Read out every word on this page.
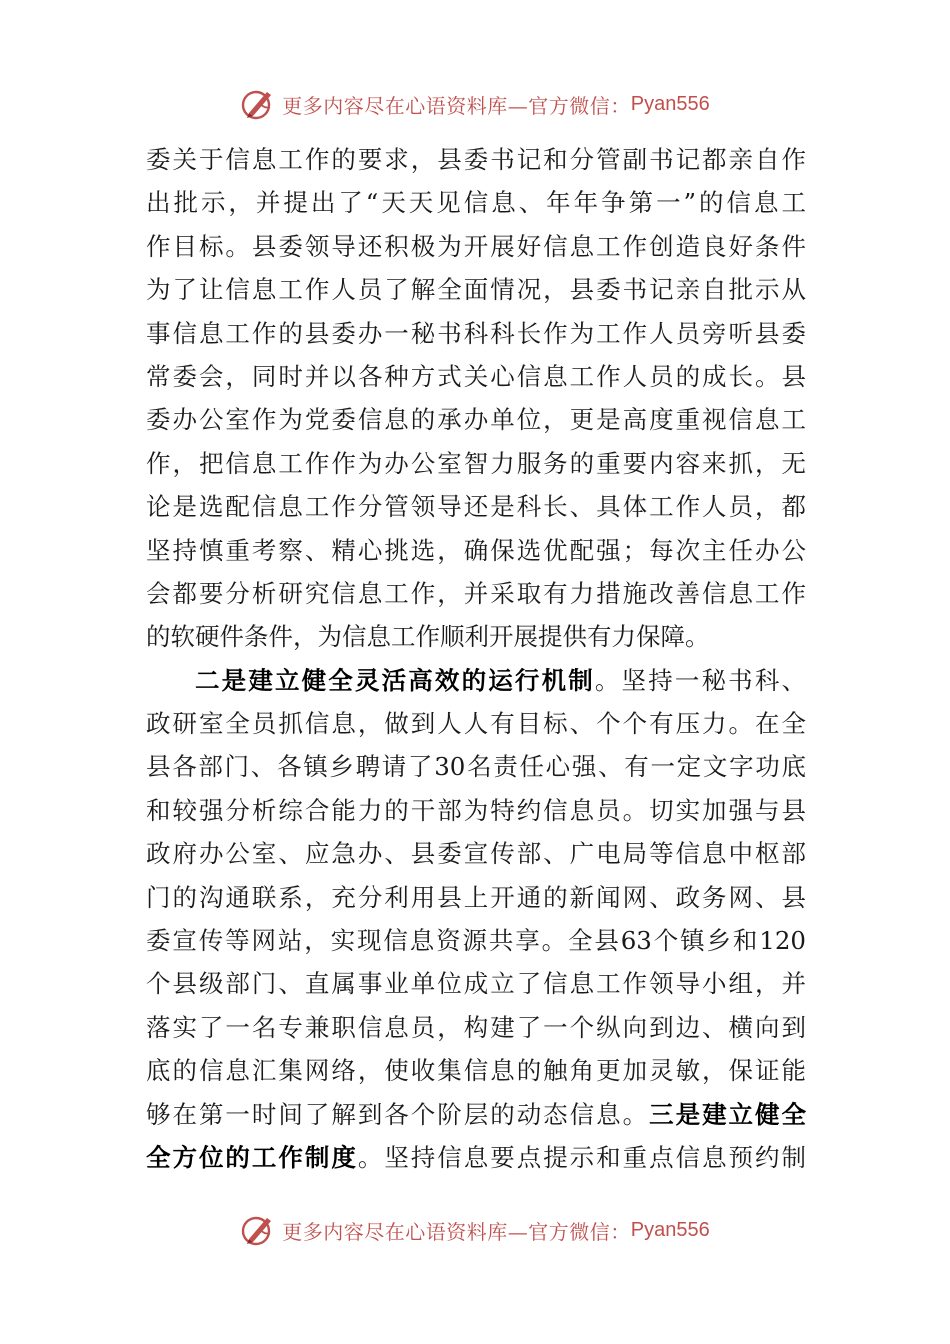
更多内容尽在心语资料库—官方微信： Pyan556
委关于信息工作的要求，县委书记和分管副书记都亲自作
出批示，并提出了“天天见信息、年年争第一”的信息工
作目标。县委领导还积极为开展好信息工作创造良好条件
为了让信息工作人员了解全面情况，县委书记亲自批示从
事信息工作的县委办一秘书科科长作为工作人员旁听县委
常委会，同时并以各种方式关心信息工作人员的成长。县
委办公室作为党委信息的承办单位，更是高度重视信息工
作，把信息工作作为办公室智力服务的重要内容来抓，无
论是选配信息工作分管领导还是科长、具体工作人员，都
坚持慎重考察、精心挑选，确保选优配强；每次主任办公
会都要分析研究信息工作，并采取有力措施改善信息工作
的软硬件条件，为信息工作顺利开展提供有力保障。
二是建立健全灵活高效的运行机制。坚持一秘书科、
政研室全员抓信息，做到人人有目标、个个有压力。在全
县各部门、各镇乡聘请了30名责任心强、有一定文字功底
和较强分析综合能力的干部为特约信息员。切实加强与县
政府办公室、应急办、县委宣传部、广电局等信息中枢部
门的沟通联系，充分利用县上开通的新闻网、政务网、县
委宣传等网站，实现信息资源共享。全县63个镇乡和120
个县级部门、直属事业单位成立了信息工作领导小组，并
落实了一名专兼职信息员，构建了一个纵向到边、横向到
底的信息汇集网络，使收集信息的触角更加灵敏，保证能
够在第一时间了解到各个阶层的动态信息。三是建立健全
全方位的工作制度。坚持信息要点提示和重点信息预约制
更多内容尽在心语资料库—官方微信： Pyan556
